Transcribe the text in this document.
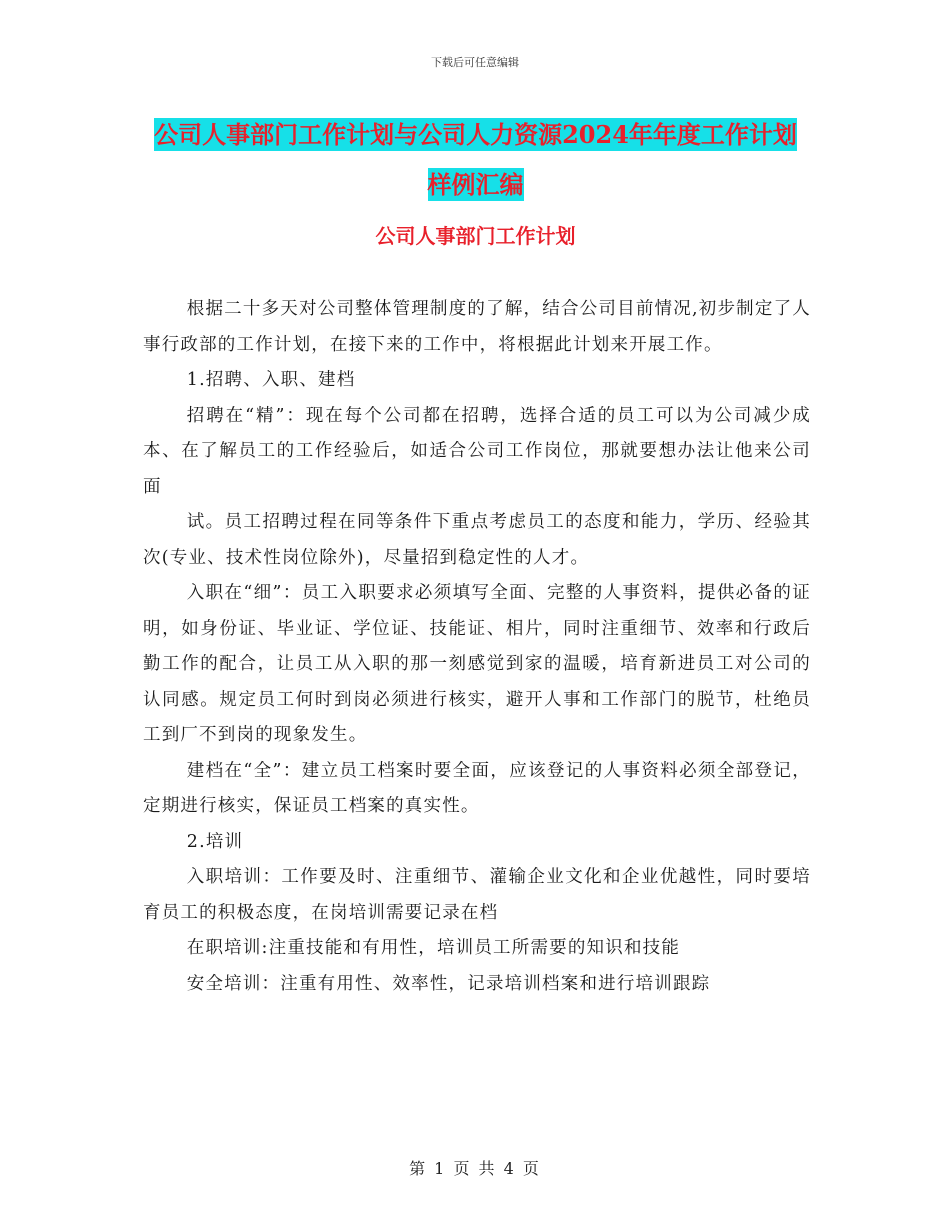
下载后可任意编辑
公司人事部门工作计划与公司人力资源2024年年度工作计划样例汇编
公司人事部门工作计划

根据二十多天对公司整体管理制度的了解，结合公司目前情况,初步制定了人事行政部的工作计划，在接下来的工作中，将根据此计划来开展工作。

1.招聘、入职、建档

招聘在“精”：现在每个公司都在招聘，选择合适的员工可以为公司减少成本、在了解员工的工作经验后，如适合公司工作岗位，那就要想办法让他来公司面

试。员工招聘过程在同等条件下重点考虑员工的态度和能力，学历、经验其次(专业、技术性岗位除外)，尽量招到稳定性的人才。

入职在“细”：员工入职要求必须填写全面、完整的人事资料，提供必备的证明，如身份证、毕业证、学位证、技能证、相片，同时注重细节、效率和行政后勤工作的配合，让员工从入职的那一刻感觉到家的温暖，培育新进员工对公司的认同感。规定员工何时到岗必须进行核实，避开人事和工作部门的脱节，杜绝员工到厂不到岗的现象发生。

建档在“全”：建立员工档案时要全面，应该登记的人事资料必须全部登记，定期进行核实，保证员工档案的真实性。

2.培训

入职培训：工作要及时、注重细节、灌输企业文化和企业优越性，同时要培育员工的积极态度，在岗培训需要记录在档

在职培训:注重技能和有用性，培训员工所需要的知识和技能

安全培训：注重有用性、效率性，记录培训档案和进行培训跟踪

第 1 页 共 4 页
